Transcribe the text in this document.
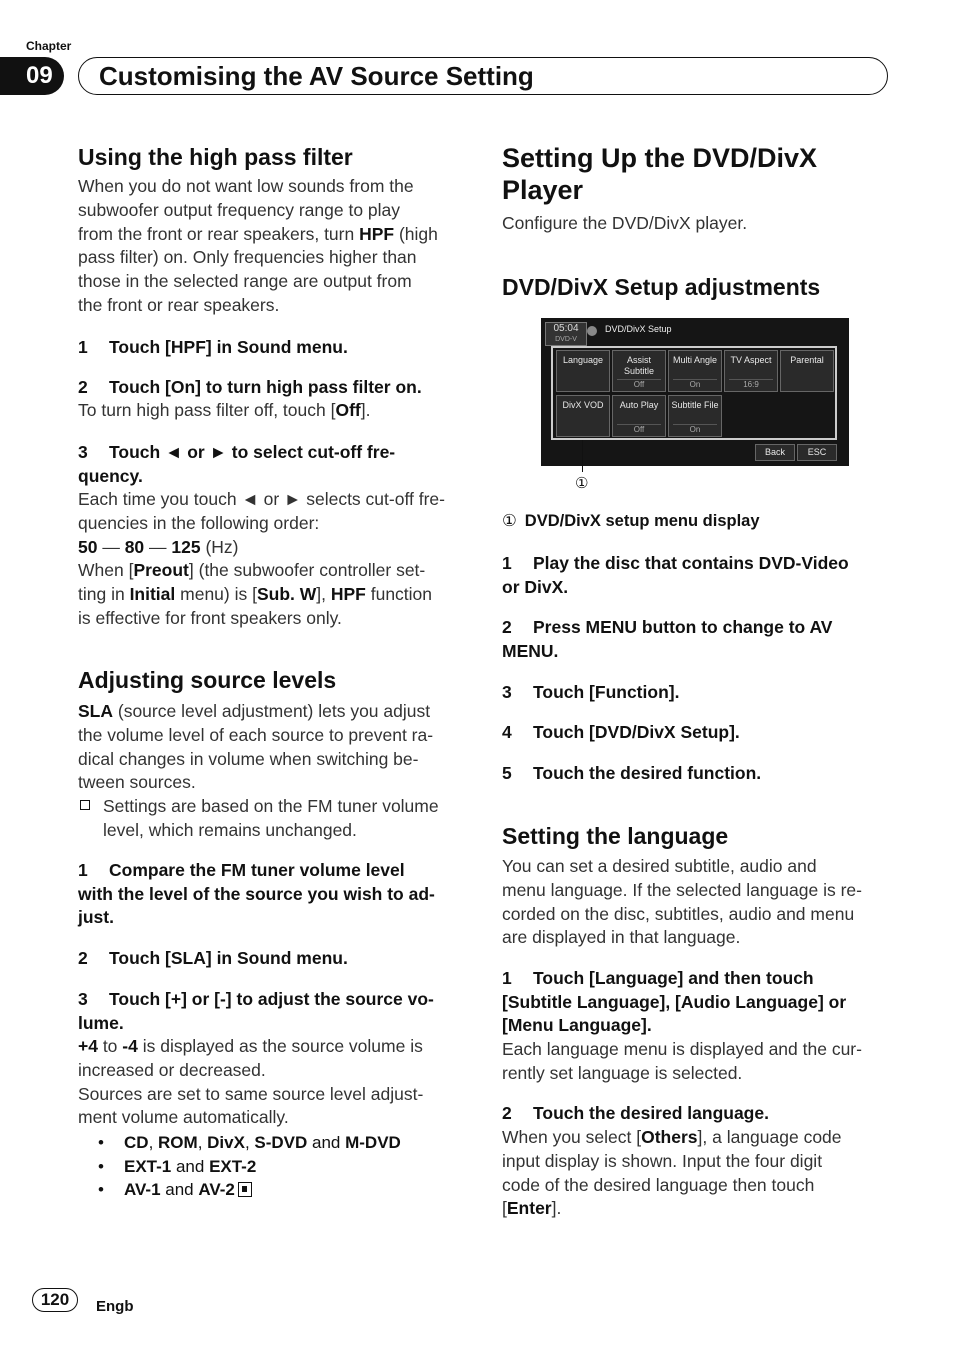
Chapter
09	Customising the AV Source Setting
Using the high pass filter
When you do not want low sounds from the
subwoofer output frequency range to play
from the front or rear speakers, turn HPF (high
pass filter) on. Only frequencies higher than
those in the selected range are output from
the front or rear speakers.
1 Touch [HPF] in Sound menu.
2 Touch [On] to turn high pass filter on.
To turn high pass filter off, touch [Off].
3 Touch ◄ or ► to select cut-off fre-
quency.
Each time you touch ◄ or ► selects cut-off fre-
quencies in the following order:
50 — 80 — 125 (Hz)
When [Preout] (the subwoofer controller set-
ting in Initial menu) is [Sub. W], HPF function
is effective for front speakers only.
Adjusting source levels
SLA (source level adjustment) lets you adjust
the volume level of each source to prevent ra-
dical changes in volume when switching be-
tween sources.
Settings are based on the FM tuner volume
level, which remains unchanged.
1 Compare the FM tuner volume level
with the level of the source you wish to ad-
just.
2 Touch [SLA] in Sound menu.
3 Touch [+] or [-] to adjust the source vo-
lume.
+4 to -4 is displayed as the source volume is
increased or decreased.
Sources are set to same source level adjust-
ment volume automatically.
• CD, ROM, DivX, S-DVD and M-DVD
• EXT-1 and EXT-2
• AV-1 and AV-2
Setting Up the DVD/DivX
Player
Configure the DVD/DivX player.
DVD/DivX Setup adjustments
05:04
DVD-V
DVD/DivX Setup
Language	Assist Subtitle
Off
Multi Angle
On
TV Aspect
16:9
Parental
DivX VOD	Auto Play
Off
Subtitle File
On
Back	ESC
①
① DVD/DivX setup menu display
1 Play the disc that contains DVD-Video
or DivX.
2 Press MENU button to change to AV
MENU.
3 Touch [Function].
4 Touch [DVD/DivX Setup].
5 Touch the desired function.
Setting the language
You can set a desired subtitle, audio and
menu language. If the selected language is re-
corded on the disc, subtitles, audio and menu
are displayed in that language.
1 Touch [Language] and then touch
[Subtitle Language], [Audio Language] or
[Menu Language].
Each language menu is displayed and the cur-
rently set language is selected.
2 Touch the desired language.
When you select [Others], a language code
input display is shown. Input the four digit
code of the desired language then touch
[Enter].
120	Engb
